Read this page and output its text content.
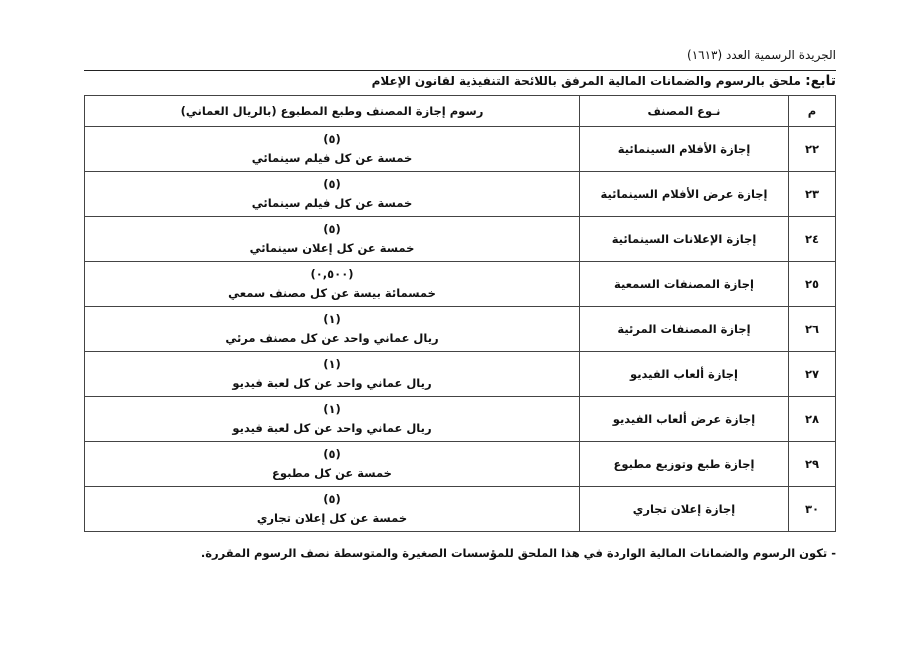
الجريدة الرسمية العدد (١٦١٣)
تابع: ملحق بالرسوم والضمانات المالية المرفق باللائحة التنفيذية لقانون الإعلام
م	نـوع المصنف	رسوم إجازة المصنف وطبع المطبوع (بالريال العماني)
٢٢	إجازة الأفلام السينمائية	(٥)
خمسة عن كل فيلم سينمائي

٢٣	إجازة عرض الأفلام السينمائية	(٥)
خمسة عن كل فيلم سينمائي

٢٤	إجازة الإعلانات السينمائية	(٥)
خمسة عن كل إعلان سينمائي

٢٥	إجازة المصنفات السمعية	(٠,٥٠٠)
خمسمائة بيسة عن كل مصنف سمعي

٢٦	إجازة المصنفات المرئية	(١)
ريال عماني واحد عن كل مصنف مرئي

٢٧	إجازة ألعاب الفيديو	(١)
ريال عماني واحد عن كل لعبة فيديو

٢٨	إجازة عرض ألعاب الفيديو	(١)
ريال عماني واحد عن كل لعبة فيديو

٢٩	إجازة طبع وتوزيع مطبوع	(٥)
خمسة عن كل مطبوع

٣٠	إجازة إعلان تجاري	(٥)
خمسة عن كل إعلان تجاري
- تكون الرسوم والضمانات المالية الواردة في هذا الملحق للمؤسسات الصغيرة والمتوسطة نصف الرسوم المقررة.
